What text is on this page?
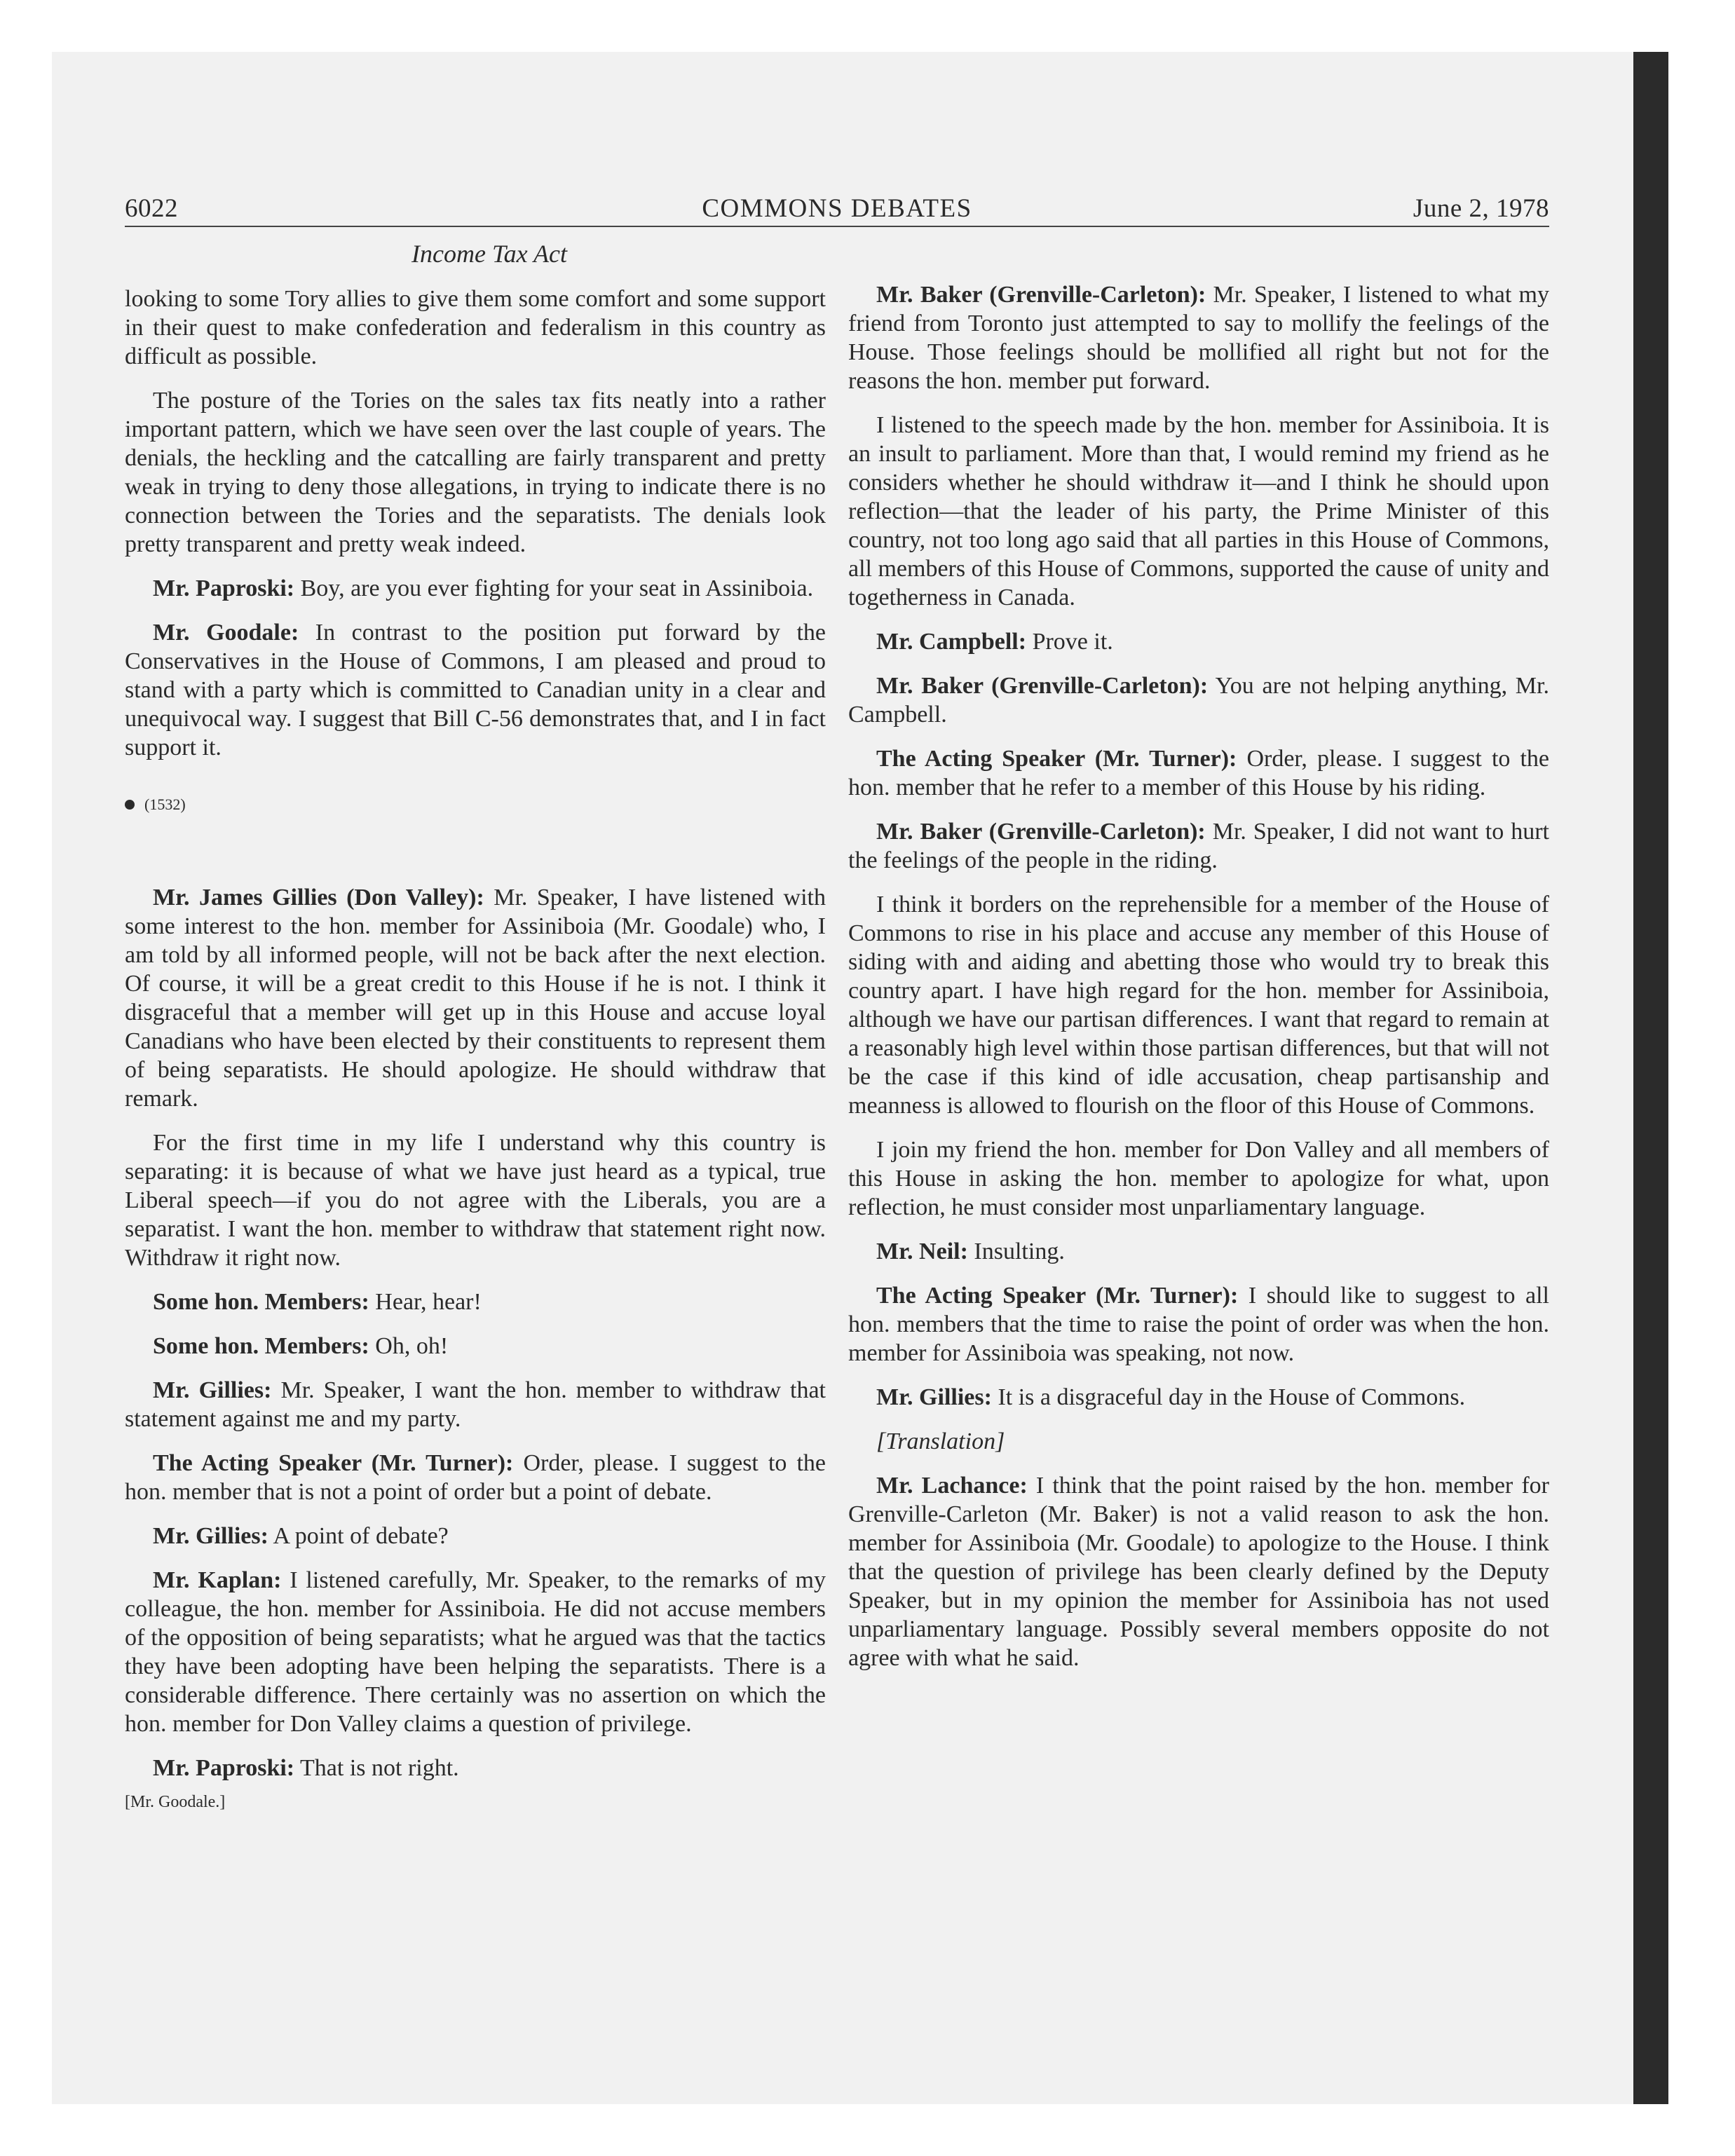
6022	COMMONS DEBATES	June 2, 1978

Income Tax Act

looking to some Tory allies to give them some comfort and some support in their quest to make confederation and federalism in this country as difficult as possible.

The posture of the Tories on the sales tax fits neatly into a rather important pattern, which we have seen over the last couple of years. The denials, the heckling and the catcalling are fairly transparent and pretty weak in trying to deny those allegations, in trying to indicate there is no connection between the Tories and the separatists. The denials look pretty transparent and pretty weak indeed.

Mr. Paproski: Boy, are you ever fighting for your seat in Assiniboia.

Mr. Goodale: In contrast to the position put forward by the Conservatives in the House of Commons, I am pleased and proud to stand with a party which is committed to Canadian unity in a clear and unequivocal way. I suggest that Bill C-56 demonstrates that, and I in fact support it.

(1532)

Mr. James Gillies (Don Valley): Mr. Speaker, I have listened with some interest to the hon. member for Assiniboia (Mr. Goodale) who, I am told by all informed people, will not be back after the next election. Of course, it will be a great credit to this House if he is not. I think it disgraceful that a member will get up in this House and accuse loyal Canadians who have been elected by their constituents to represent them of being separatists. He should apologize. He should withdraw that remark.

For the first time in my life I understand why this country is separating: it is because of what we have just heard as a typical, true Liberal speech—if you do not agree with the Liberals, you are a separatist. I want the hon. member to withdraw that statement right now. Withdraw it right now.

Some hon. Members: Hear, hear!

Some hon. Members: Oh, oh!

Mr. Gillies: Mr. Speaker, I want the hon. member to withdraw that statement against me and my party.

The Acting Speaker (Mr. Turner): Order, please. I suggest to the hon. member that is not a point of order but a point of debate.

Mr. Gillies: A point of debate?

Mr. Kaplan: I listened carefully, Mr. Speaker, to the remarks of my colleague, the hon. member for Assiniboia. He did not accuse members of the opposition of being separatists; what he argued was that the tactics they have been adopting have been helping the separatists. There is a considerable difference. There certainly was no assertion on which the hon. member for Don Valley claims a question of privilege.

Mr. Paproski: That is not right.

[Mr. Goodale.]

Mr. Baker (Grenville-Carleton): Mr. Speaker, I listened to what my friend from Toronto just attempted to say to mollify the feelings of the House. Those feelings should be mollified all right but not for the reasons the hon. member put forward.

I listened to the speech made by the hon. member for Assiniboia. It is an insult to parliament. More than that, I would remind my friend as he considers whether he should withdraw it—and I think he should upon reflection—that the leader of his party, the Prime Minister of this country, not too long ago said that all parties in this House of Commons, all members of this House of Commons, supported the cause of unity and togetherness in Canada.

Mr. Campbell: Prove it.

Mr. Baker (Grenville-Carleton): You are not helping anything, Mr. Campbell.

The Acting Speaker (Mr. Turner): Order, please. I suggest to the hon. member that he refer to a member of this House by his riding.

Mr. Baker (Grenville-Carleton): Mr. Speaker, I did not want to hurt the feelings of the people in the riding.

I think it borders on the reprehensible for a member of the House of Commons to rise in his place and accuse any member of this House of siding with and aiding and abetting those who would try to break this country apart. I have high regard for the hon. member for Assiniboia, although we have our partisan differences. I want that regard to remain at a reasonably high level within those partisan differences, but that will not be the case if this kind of idle accusation, cheap partisanship and meanness is allowed to flourish on the floor of this House of Commons.

I join my friend the hon. member for Don Valley and all members of this House in asking the hon. member to apologize for what, upon reflection, he must consider most unparliamentary language.

Mr. Neil: Insulting.

The Acting Speaker (Mr. Turner): I should like to suggest to all hon. members that the time to raise the point of order was when the hon. member for Assiniboia was speaking, not now.

Mr. Gillies: It is a disgraceful day in the House of Commons.

[Translation]

Mr. Lachance: I think that the point raised by the hon. member for Grenville-Carleton (Mr. Baker) is not a valid reason to ask the hon. member for Assiniboia (Mr. Goodale) to apologize to the House. I think that the question of privilege has been clearly defined by the Deputy Speaker, but in my opinion the member for Assiniboia has not used unparliamentary language. Possibly several members opposite do not agree with what he said.
